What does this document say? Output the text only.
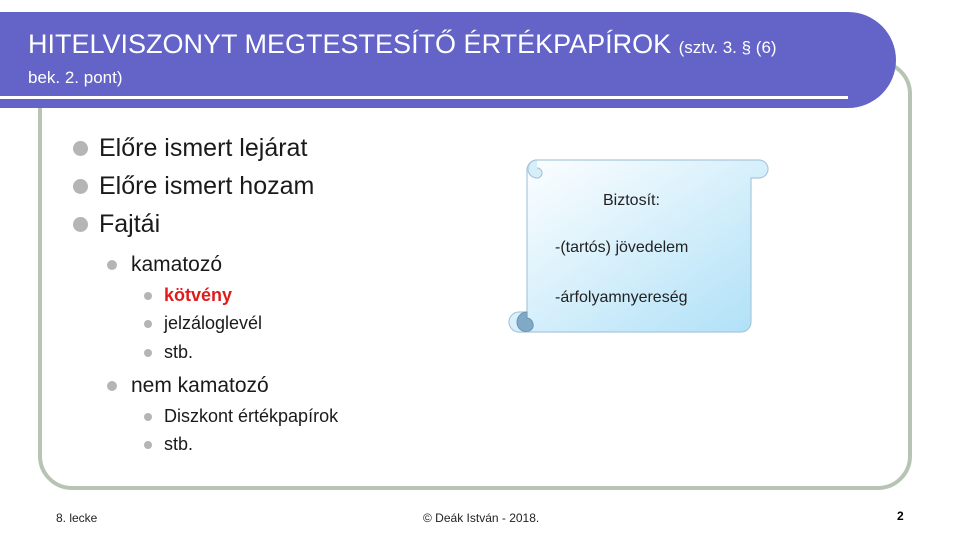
HITELVISZONYT MEGTESTESÍTŐ ÉRTÉKPAPÍROK (sztv. 3. § (6)
bek. 2. pont)
Előre ismert lejárat
Előre ismert hozam
Fajtái
kamatozó
kötvény
jelzáloglevél
stb.
nem kamatozó
Diszkont értékpapírok
stb.
Biztosít:
-(tartós) jövedelem
-árfolyamnyereség
8. lecke	© Deák István - 2018.	2
